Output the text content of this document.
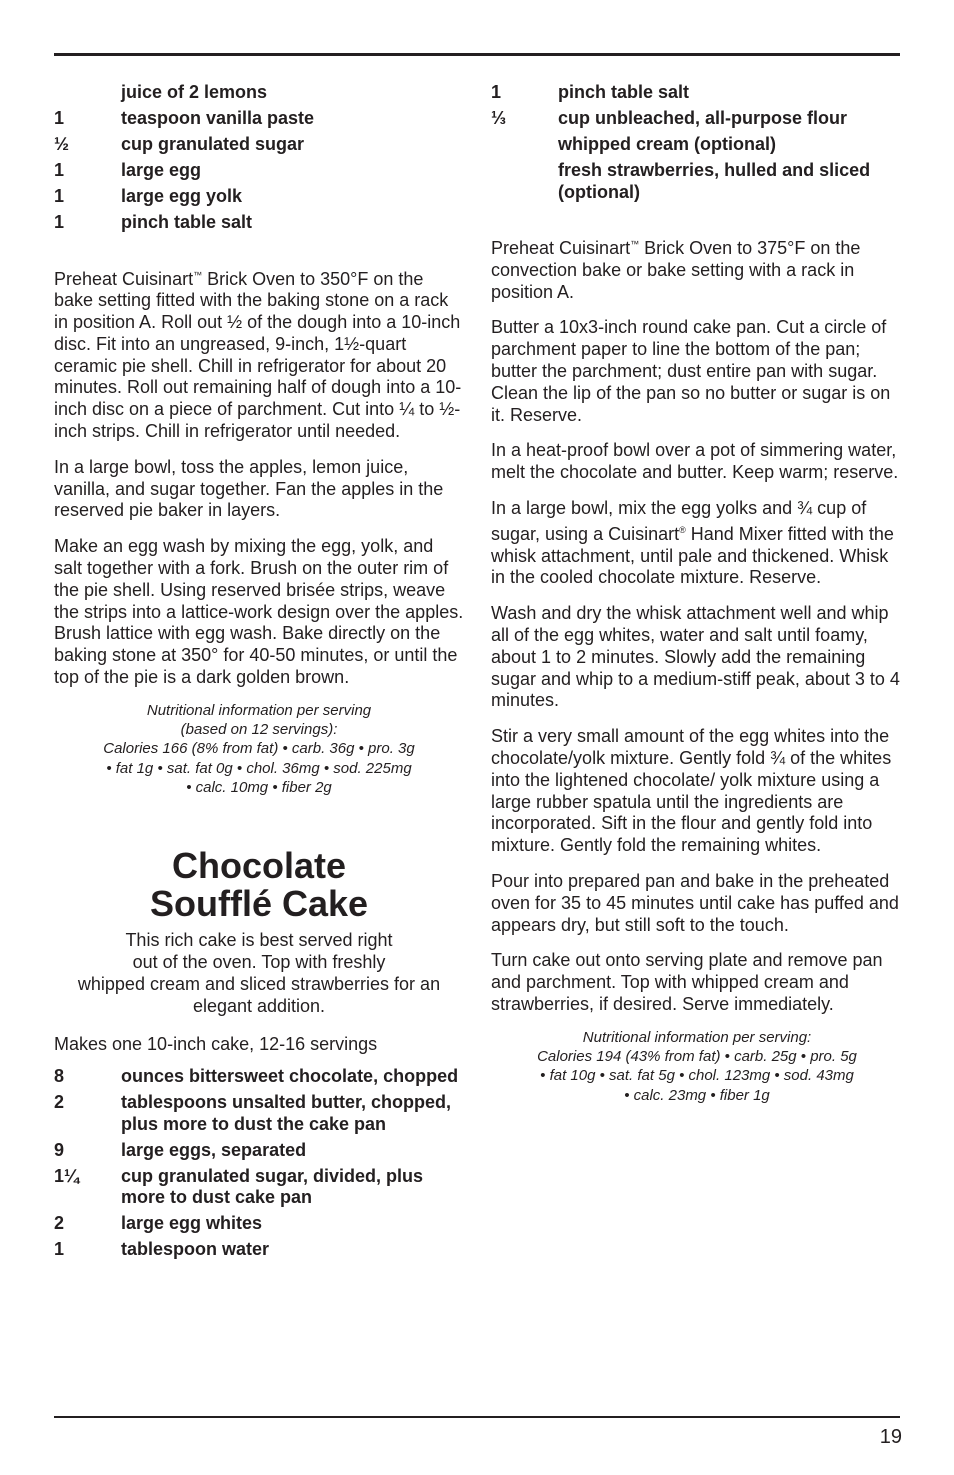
juice of 2 lemons
1	teaspoon vanilla paste
½	cup granulated sugar
1	large egg
1	large egg yolk
1	pinch table salt

Preheat Cuisinart™ Brick Oven to 350°F on the bake setting fitted with the baking stone on a rack in position A. Roll out ½ of the dough into a 10-inch disc. Fit into an ungreased, 9-inch, 1½-quart ceramic pie shell. Chill in refrigerator for about 20 minutes. Roll out remaining half of dough into a 10-inch disc on a piece of parchment. Cut into ¼ to ½-inch strips. Chill in refrigerator until needed.

In a large bowl, toss the apples, lemon juice, vanilla, and sugar together. Fan the apples in the reserved pie baker in layers.

Make an egg wash by mixing the egg, yolk, and salt together with a fork. Brush on the outer rim of the pie shell. Using reserved brisée strips, weave the strips into a lattice-work design over the apples. Brush lattice with egg wash. Bake directly on the baking stone at 350° for 40-50 minutes, or until the top of the pie is a dark golden brown.

Nutritional information per serving
(based on 12 servings):
Calories 166 (8% from fat) • carb. 36g • pro. 3g
• fat 1g • sat. fat 0g • chol. 36mg • sod. 225mg
• calc. 10mg • fiber 2g
Chocolate
Soufflé Cake
This rich cake is best served right
out of the oven. Top with freshly
whipped cream and sliced strawberries for an
elegant addition.

Makes one 10-inch cake, 12-16 servings

8	ounces bittersweet chocolate, chopped
2	tablespoons unsalted butter, chopped, plus more to dust the cake pan
9	large eggs, separated
1¼	cup granulated sugar, divided, plus more to dust cake pan
2	large egg whites
1	tablespoon water
1	pinch table salt
⅓	cup unbleached, all-purpose flour
whipped cream (optional)
fresh strawberries, hulled and sliced (optional)

Preheat Cuisinart™ Brick Oven to 375°F on the convection bake or bake setting with a rack in position A.

Butter a 10x3-inch round cake pan. Cut a circle of parchment paper to line the bottom of the pan; butter the parchment; dust entire pan with sugar. Clean the lip of the pan so no butter or sugar is on it. Reserve.

In a heat-proof bowl over a pot of simmering water, melt the chocolate and butter. Keep warm; reserve.

In a large bowl, mix the egg yolks and ¾ cup of sugar, using a Cuisinart® Hand Mixer fitted with the whisk attachment, until pale and thickened. Whisk in the cooled chocolate mixture. Reserve.

Wash and dry the whisk attachment well and whip all of the egg whites, water and salt until foamy, about 1 to 2 minutes. Slowly add the remaining sugar and whip to a medium-stiff peak, about 3 to 4 minutes.

Stir a very small amount of the egg whites into the chocolate/yolk mixture. Gently fold ¾ of the whites into the lightened chocolate/ yolk mixture using a large rubber spatula until the ingredients are incorporated. Sift in the flour and gently fold into mixture. Gently fold the remaining whites.

Pour into prepared pan and bake in the preheated oven for 35 to 45 minutes until cake has puffed and appears dry, but still soft to the touch.

Turn cake out onto serving plate and remove pan and parchment. Top with whipped cream and strawberries, if desired. Serve immediately.

Nutritional information per serving:
Calories 194 (43% from fat) • carb. 25g • pro. 5g
• fat 10g • sat. fat 5g • chol. 123mg • sod. 43mg
• calc. 23mg • fiber 1g
19
